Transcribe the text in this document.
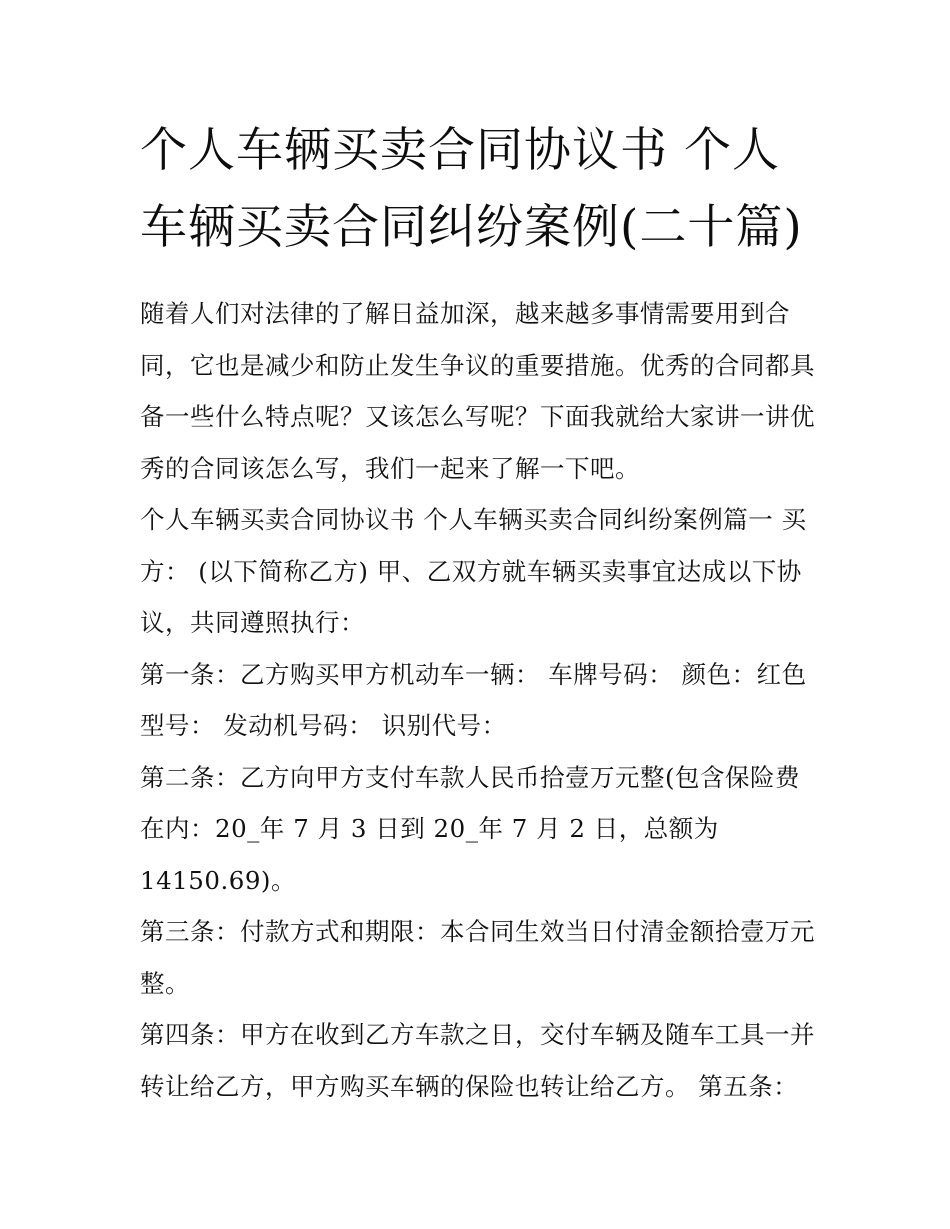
个人车辆买卖合同协议书 个人车辆买卖合同纠纷案例(二十篇)

随着人们对法律的了解日益加深，越来越多事情需要用到合同，它也是减少和防止发生争议的重要措施。优秀的合同都具备一些什么特点呢？又该怎么写呢？下面我就给大家讲一讲优秀的合同该怎么写，我们一起来了解一下吧。

个人车辆买卖合同协议书 个人车辆买卖合同纠纷案例篇一 买方： (以下简称乙方) 甲、乙双方就车辆买卖事宜达成以下协议，共同遵照执行：

第一条：乙方购买甲方机动车一辆： 车牌号码： 颜色：红色 型号： 发动机号码： 识别代号：

第二条：乙方向甲方支付车款人民币拾壹万元整(包含保险费在内：20_年 7 月 3 日到 20_年 7 月 2 日，总额为 14150.69)。

第三条：付款方式和期限：本合同生效当日付清金额拾壹万元整。

第四条：甲方在收到乙方车款之日，交付车辆及随车工具一并转让给乙方，甲方购买车辆的保险也转让给乙方。 第五条：
